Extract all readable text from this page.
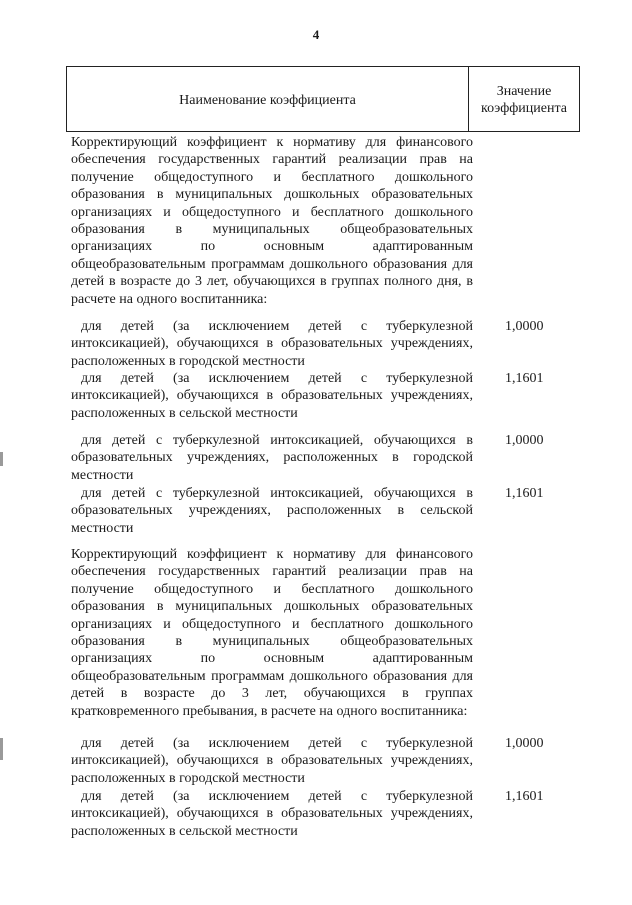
4
Наименование коэффициента
Значение коэффициента
Корректирующий коэффициент к нормативу для финансового обеспечения государственных гарантий реализации прав на получение общедоступного и бесплатного дошкольного образования в муниципальных дошкольных образовательных организациях и общедоступного и бесплатного дошкольного образования в муниципальных общеобразовательных организациях по основным адаптированным общеобразовательным программам дошкольного образования для детей в возрасте до 3 лет, обучающихся в группах полного дня, в расчете на одного воспитанника:
для детей (за исключением детей с туберкулезной интоксикацией), обучающихся в образовательных учреждениях, расположенных в городской местности
1,0000
для детей (за исключением детей с туберкулезной интоксикацией), обучающихся в образовательных учреждениях, расположенных в сельской местности
1,1601
для детей с туберкулезной интоксикацией, обучающихся в образовательных учреждениях, расположенных в городской местности
1,0000
для детей с туберкулезной интоксикацией, обучающихся в образовательных учреждениях, расположенных в сельской местности
1,1601
Корректирующий коэффициент к нормативу для финансового обеспечения государственных гарантий реализации прав на получение общедоступного и бесплатного дошкольного образования в муниципальных дошкольных образовательных организациях и общедоступного и бесплатного дошкольного образования в муниципальных общеобразовательных организациях по основным адаптированным общеобразовательным программам дошкольного образования для детей в возрасте до 3 лет, обучающихся в группах кратковременного пребывания, в расчете на одного воспитанника:
для детей (за исключением детей с туберкулезной интоксикацией), обучающихся в образовательных учреждениях, расположенных в городской местности
1,0000
для детей (за исключением детей с туберкулезной интоксикацией), обучающихся в образовательных учреждениях, расположенных в сельской местности
1,1601
